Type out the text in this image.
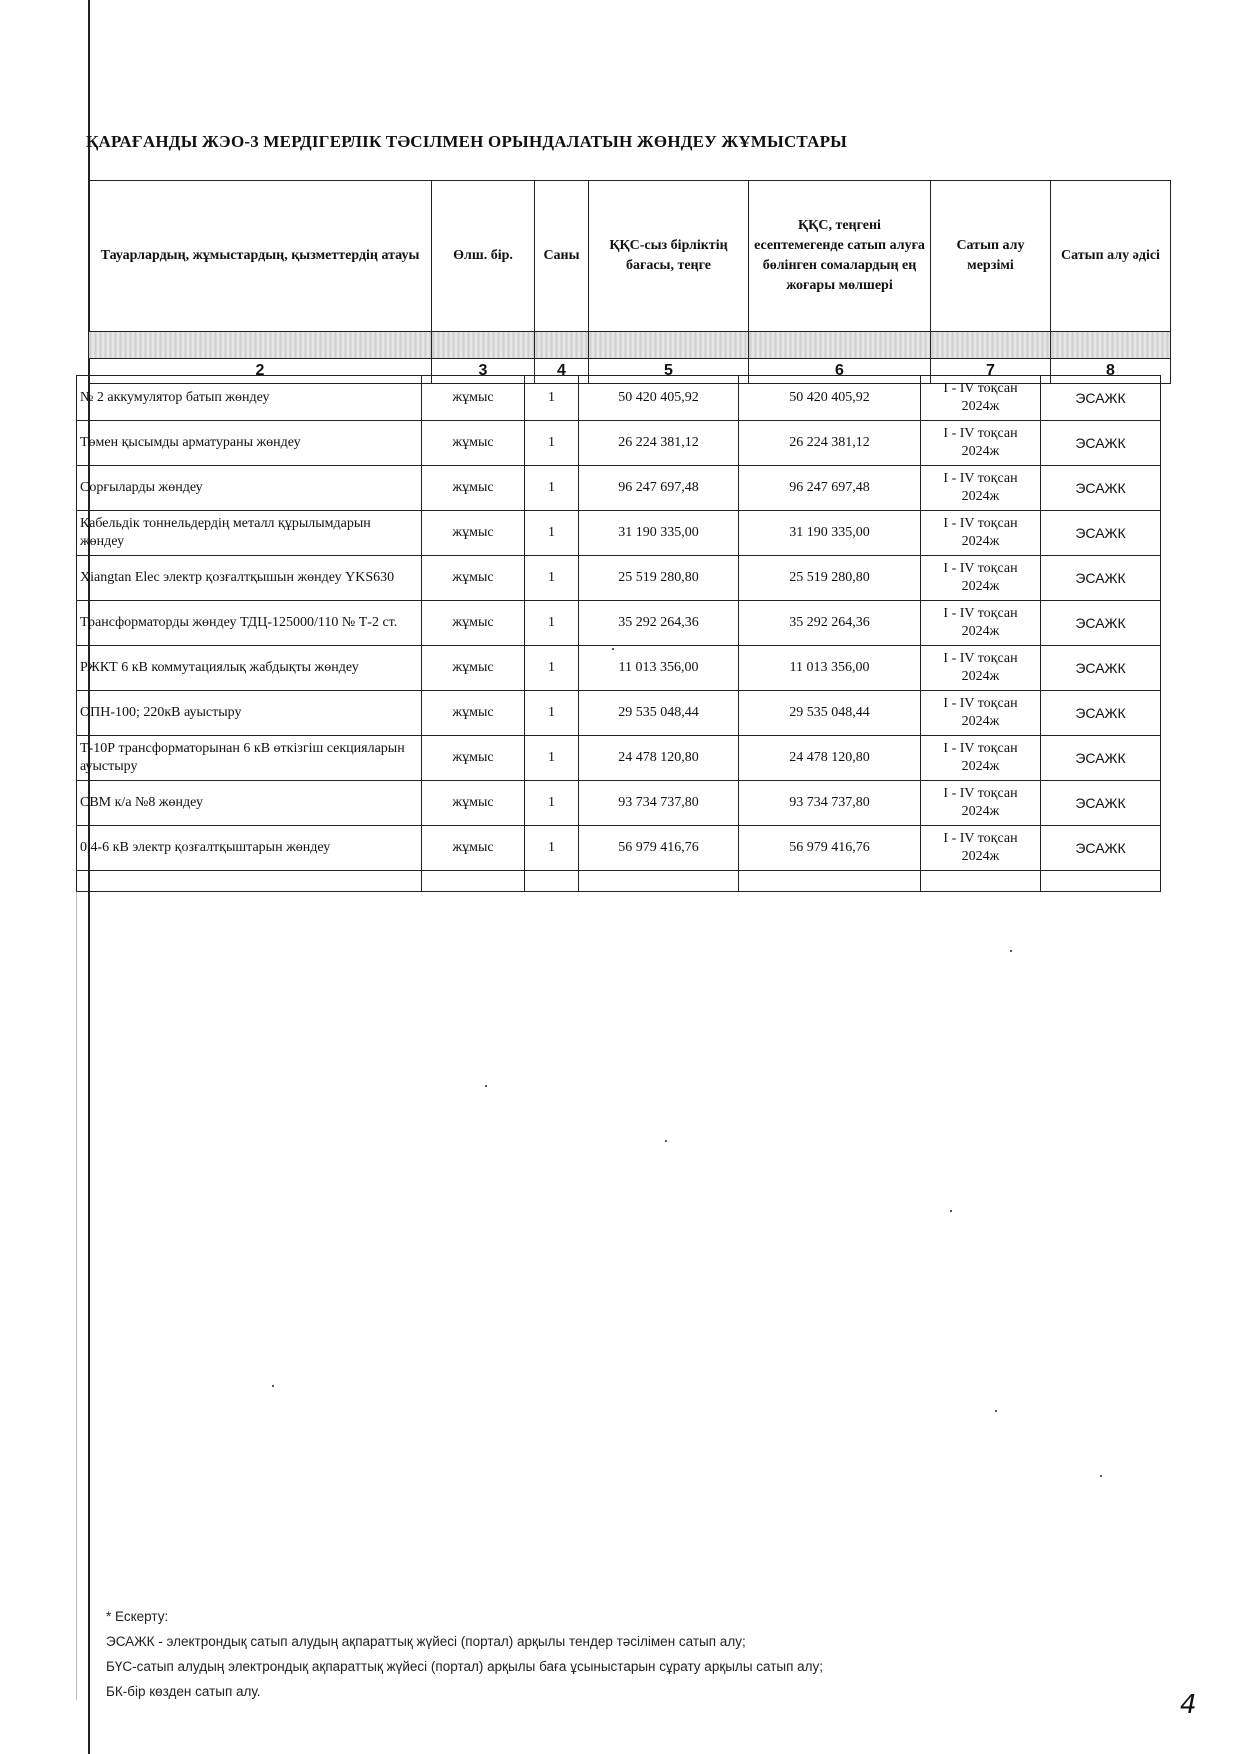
ҚАРАҒАНДЫ ЖЭО-3 МЕРДІГЕРЛІК ТӘСІЛМЕН ОРЫНДАЛАТЫН ЖӨНДЕУ ЖҰМЫСТАРЫ
Тауарлардың, жұмыстардың, қызметтердің атауы	Өлш. бір.	Саны	ҚҚС-сыз бірліктің бағасы, теңге	ҚҚС, теңгені есептемегенде сатып алуға бөлінген сомалардың ең жоғары мөлшері	Сатып алу мерзімі	Сатып алу әдісі

2	3	4	5	6	7	8
№ 2 аккумулятор батып жөндеу	жұмыс	1	50 420 405,92	50 420 405,92	I - IV тоқсан 2024ж	ЭСАЖК
Төмен қысымды арматураны жөндеу	жұмыс	1	26 224 381,12	26 224 381,12	I - IV тоқсан 2024ж	ЭСАЖК
Сорғыларды жөндеу	жұмыс	1	96 247 697,48	96 247 697,48	I - IV тоқсан 2024ж	ЭСАЖК
Кабельдік тоннельдердің металл құрылымдарын жөндеу	жұмыс	1	31 190 335,00	31 190 335,00	I - IV тоқсан 2024ж	ЭСАЖК
Xiangtan Elec электр қозғалтқышын жөндеу YKS630	жұмыс	1	25 519 280,80	25 519 280,80	I - IV тоқсан 2024ж	ЭСАЖК
Трансформаторды жөндеу ТДЦ-125000/110 № Т-2 ст.	жұмыс	1	35 292 264,36	35 292 264,36	I - IV тоқсан 2024ж	ЭСАЖК
РЖКТ 6 кВ коммутациялық жабдықты жөндеу	жұмыс	1	11 013 356,00	11 013 356,00	I - IV тоқсан 2024ж	ЭСАЖК
ОПН-100; 220кВ ауыстыру	жұмыс	1	29 535 048,44	29 535 048,44	I - IV тоқсан 2024ж	ЭСАЖК
Т-10Р трансформаторынан 6 кВ өткізгіш секцияларын ауыстыру	жұмыс	1	24 478 120,80	24 478 120,80	I - IV тоқсан 2024ж	ЭСАЖК
СВМ к/а №8 жөндеу	жұмыс	1	93 734 737,80	93 734 737,80	I - IV тоқсан 2024ж	ЭСАЖК
0,4-6 кВ электр қозғалтқыштарын жөндеу	жұмыс	1	56 979 416,76	56 979 416,76	I - IV тоқсан 2024ж	ЭСАЖК

* Ескерту:
ЭСАЖК - электрондық сатып алудың ақпараттық жүйесі (портал) арқылы тендер тәсілімен сатып алу;
БҮС-сатып алудың электрондық ақпараттық жүйесі (портал) арқылы баға ұсыныстарын сұрату арқылы сатып алу;
БК-бір көзден сатып алу.	4
